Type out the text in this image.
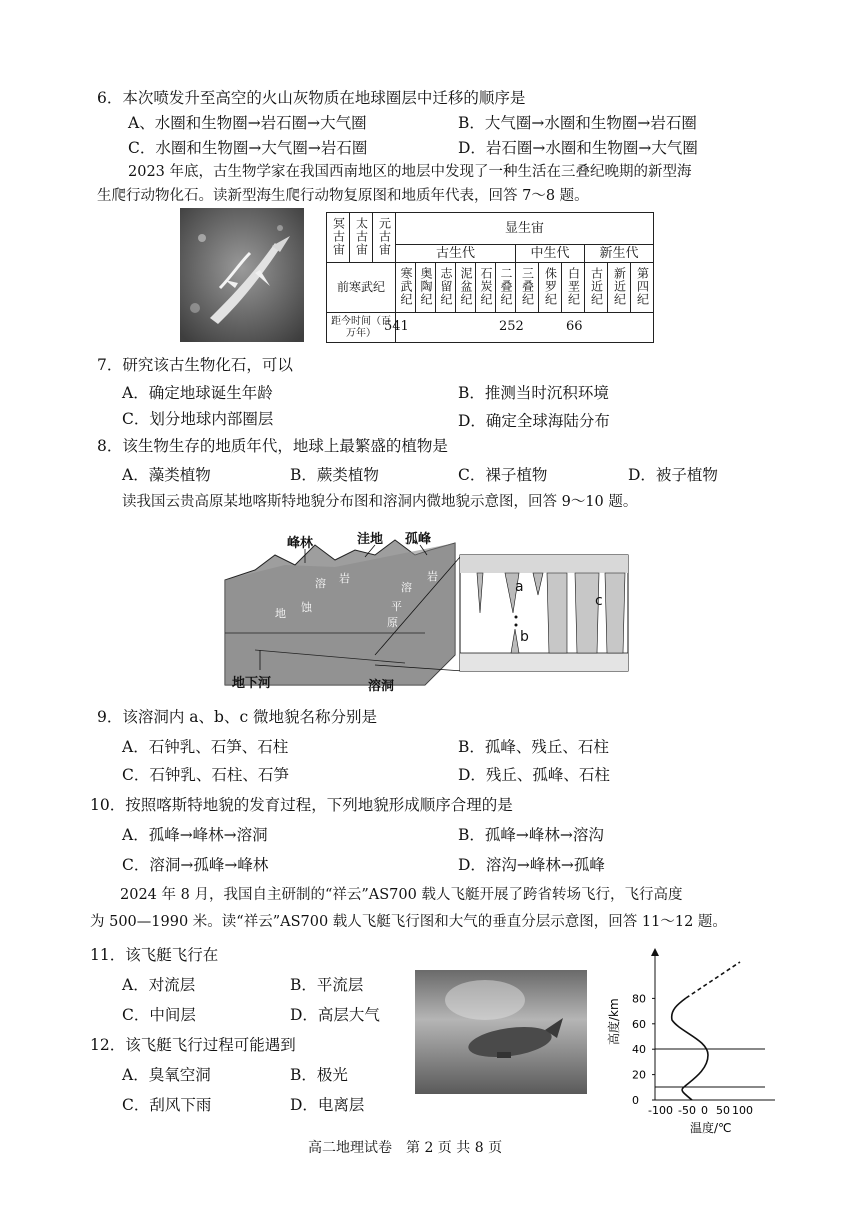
6．本次喷发升至高空的火山灰物质在地球圈层中迁移的顺序是
A、水圈和生物圈→岩石圈→大气圈	B．大气圈→水圈和生物圈→岩石圈
C．水圈和生物圈→大气圈→岩石圈	D．岩石圈→水圈和生物圈→大气圈
2023 年底，古生物学家在我国西南地区的地层中发现了一种生活在三叠纪晚期的新型海
生爬行动物化石。读新型海生爬行动物复原图和地质年代表，回答 7～8 题。
冥古宙	太古宙	元古宙	显生宙											
			古生代						中生代			新生代		
前寒武纪			寒武纪	奥陶纪	志留纪	泥盆纪	石炭纪	二叠纪	三叠纪	侏罗纪	白垩纪	古近纪	新近纪	第四纪
距今时间（百万年）			541 252 66											
7．研究该古生物化石，可以
A．确定地球诞生年龄	B．推测当时沉积环境
C．划分地球内部圈层	D．确定全球海陆分布
8．该生物生存的地质年代，地球上最繁盛的植物是
A．藻类植物	B．蕨类植物	C．裸子植物	D．被子植物
读我国云贵高原某地喀斯特地貌分布图和溶洞内微地貌示意图，回答 9～10 题。
溶 岩	岩
溶
地 蚀	平
原
峰林	洼地 孤峰
地下河	溶洞
a
b
c
9．该溶洞内 a、b、c 微地貌名称分别是
A．石钟乳、石笋、石柱	B．孤峰、残丘、石柱
C．石钟乳、石柱、石笋	D．残丘、孤峰、石柱
10．按照喀斯特地貌的发育过程，下列地貌形成顺序合理的是
A．孤峰→峰林→溶洞	B．孤峰→峰林→溶沟
C．溶洞→孤峰→峰林	D．溶沟→峰林→孤峰
2024 年 8 月，我国自主研制的“祥云”AS700 载人飞艇开展了跨省转场飞行，飞行高度
为 500—1990 米。读“祥云”AS700 载人飞艇飞行图和大气的垂直分层示意图，回答 11～12 题。
11．该飞艇飞行在
A．对流层	B．平流层
C．中间层	D．高层大气
12．该飞艇飞行过程可能遇到
A．臭氧空洞	B．极光
C．刮风下雨	D．电离层
80
60
40
20
0
高度/km
-100 -50 0 50 100
温度/℃
高二地理试卷　第 2 页 共 8 页
